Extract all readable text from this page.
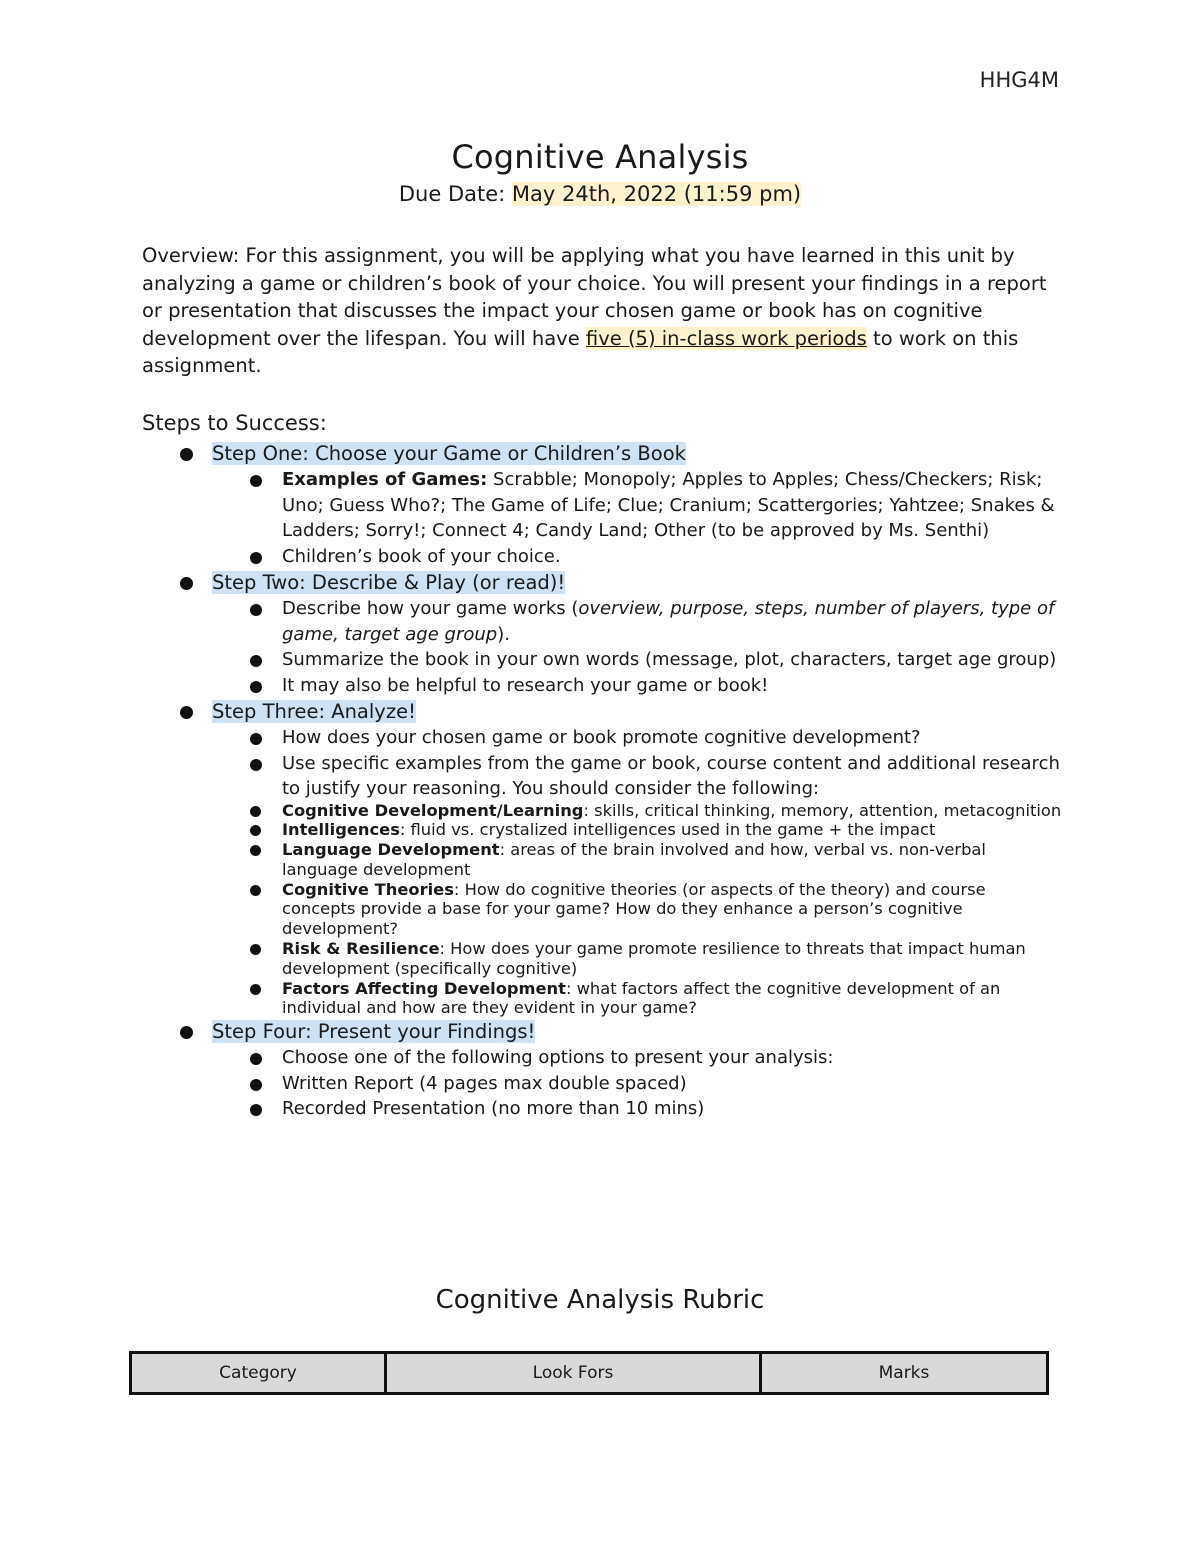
HHG4M
Cognitive Analysis
Due Date: May 24th, 2022 (11:59 pm)
Overview: For this assignment, you will be applying what you have learned in this unit by analyzing a game or children’s book of your choice. You will present your findings in a report or presentation that discusses the impact your chosen game or book has on cognitive development over the lifespan. You will have five (5) in-class work periods to work on this assignment.
Steps to Success:
Step One: Choose your Game or Children’s Book
Examples of Games: Scrabble; Monopoly; Apples to Apples; Chess/Checkers; Risk; Uno; Guess Who?; The Game of Life; Clue; Cranium; Scattergories; Yahtzee; Snakes & Ladders; Sorry!; Connect 4; Candy Land; Other (to be approved by Ms. Senthi)
Children’s book of your choice.
Step Two: Describe & Play (or read)!
Describe how your game works (overview, purpose, steps, number of players, type of game, target age group).
Summarize the book in your own words (message, plot, characters, target age group)
It may also be helpful to research your game or book!
Step Three: Analyze!
How does your chosen game or book promote cognitive development?
Use specific examples from the game or book, course content and additional research to justify your reasoning. You should consider the following:
Cognitive Development/Learning: skills, critical thinking, memory, attention, metacognition
Intelligences: fluid vs. crystalized intelligences used in the game + the impact
Language Development: areas of the brain involved and how, verbal vs. non-verbal language development
Cognitive Theories: How do cognitive theories (or aspects of the theory) and course concepts provide a base for your game? How do they enhance a person’s cognitive development?
Risk & Resilience: How does your game promote resilience to threats that impact human development (specifically cognitive)
Factors Affecting Development: what factors affect the cognitive development of an individual and how are they evident in your game?
Step Four: Present your Findings!
Choose one of the following options to present your analysis:
Written Report (4 pages max double spaced)
Recorded Presentation (no more than 10 mins)
Cognitive Analysis Rubric
Category	Look Fors	Marks
